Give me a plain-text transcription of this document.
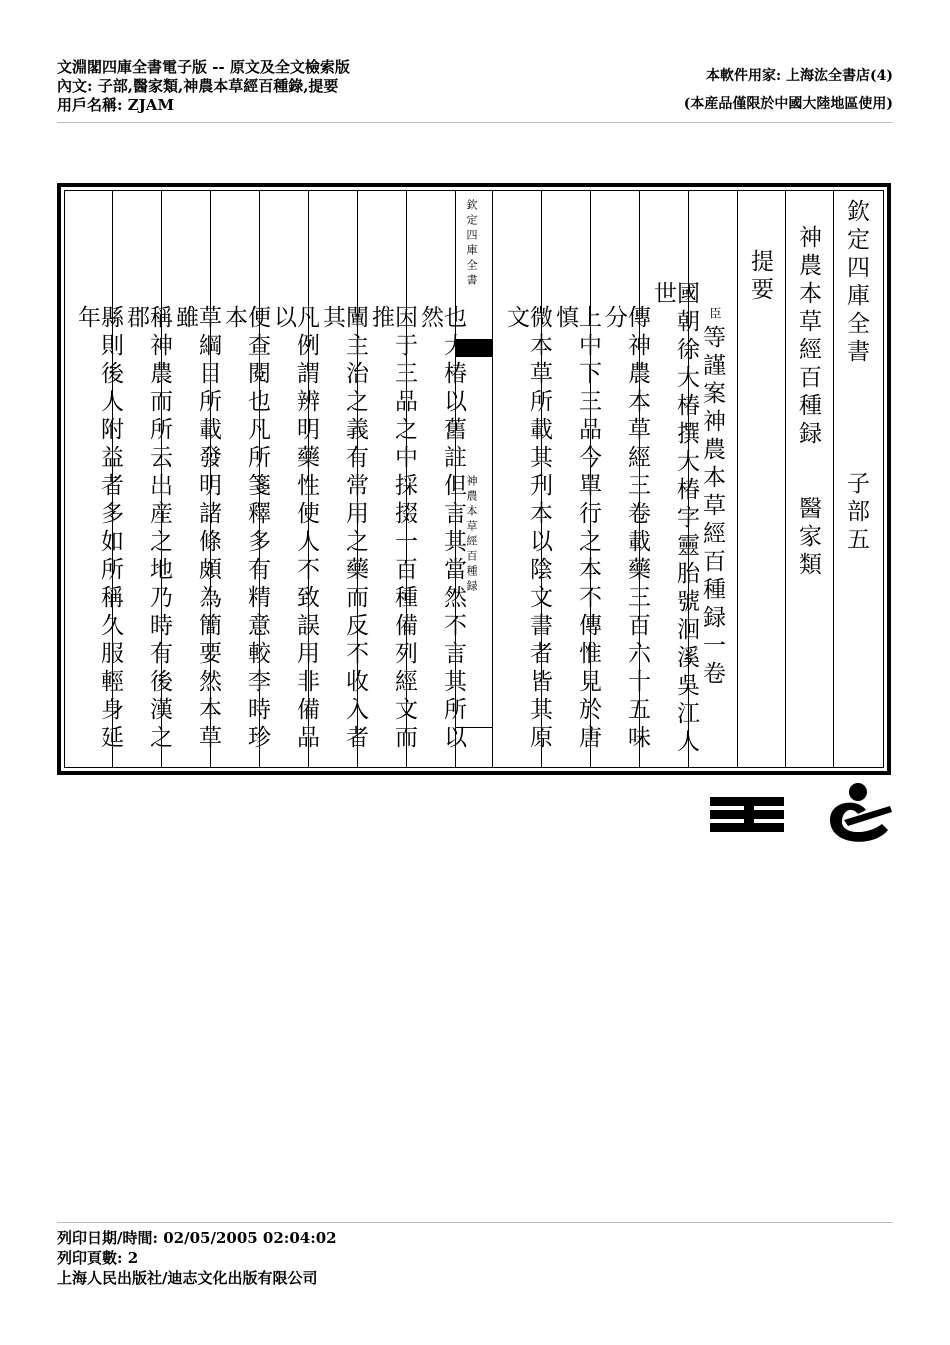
文淵閣四庫全書電子版 -- 原文及全文檢索版
內文: 子部,醫家類,神農本草經百種錄,提要
用戶名稱: ZJAM
本軟件用家: 上海汯全書店(4)
(本産品僅限於中國大陸地區使用)
欽定四庫全書
子部五
神農本草經百種録
醫家類
提要
臣
等謹案神農本草經百種録一卷
國朝徐大椿撰大椿字靈胎號洄溪吳江人世
傳神農本草經三卷載藥三百六十五味分
上中下三品今單行之本不傳惟見於唐慎
微本草所載其刋本以陰文書者皆其原文
欽定四庫全書
神農本草經百種録
也大椿以舊註但言其當然不言其所以然
因于三品之中採掇一百種備列經文而推
闡主治之義有常用之藥而反不收入者其
凡例謂辨明藥性使人不致誤用非備品以
便查閱也凡所箋釋多有精意較李時珍本
草綱目所載發明諸條頗為簡要然本草雖
稱神農而所云出産之地乃時有後漢之郡
縣則後人附益者多如所稱久服輕身延年
列印日期/時間: 02/05/2005 02:04:02
列印頁數: 2
上海人民出版社/迪志文化出版有限公司
